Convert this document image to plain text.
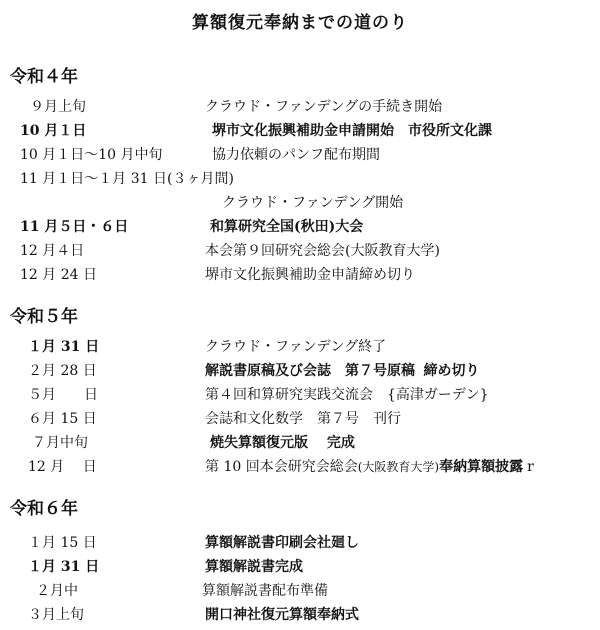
算額復元奉納までの道のり
令和４年
９月上旬	クラウド・ファンデングの手続き開始
10 月１日	堺市文化振興補助金申請開始　市役所文化課
10 月１日～10 月中旬	協力依頼のパンフ配布期間
11 月１日～１月 31 日(３ヶ月間)
クラウド・ファンデング開始
11 月５日・６日	和算研究全国(秋田)大会
12 月４日	本会第９回研究会総会(大阪教育大学)
12 月 24 日	堺市文化振興補助金申請締め切り
令和５年
１月 31 日	クラウド・ファンデング終了
２月 28 日	解説書原稿及び会誌　第７号原稿 締め切り
５月　　日	第４回和算研究実践交流会　{高津ガーデン}
６月 15 日	会誌和文化数学　第７号　刊行
７月中旬	焼失算額復元版　 完成
12 月　 日	第 10 回本会研究会総会(大阪教育大学)奉納算額披露 r
令和６年
１月 15 日	算額解説書印刷会社廻し
１月 31 日	算額解説書完成
２月中	算額解説書配布準備
３月上旬	開口神社復元算額奉納式
